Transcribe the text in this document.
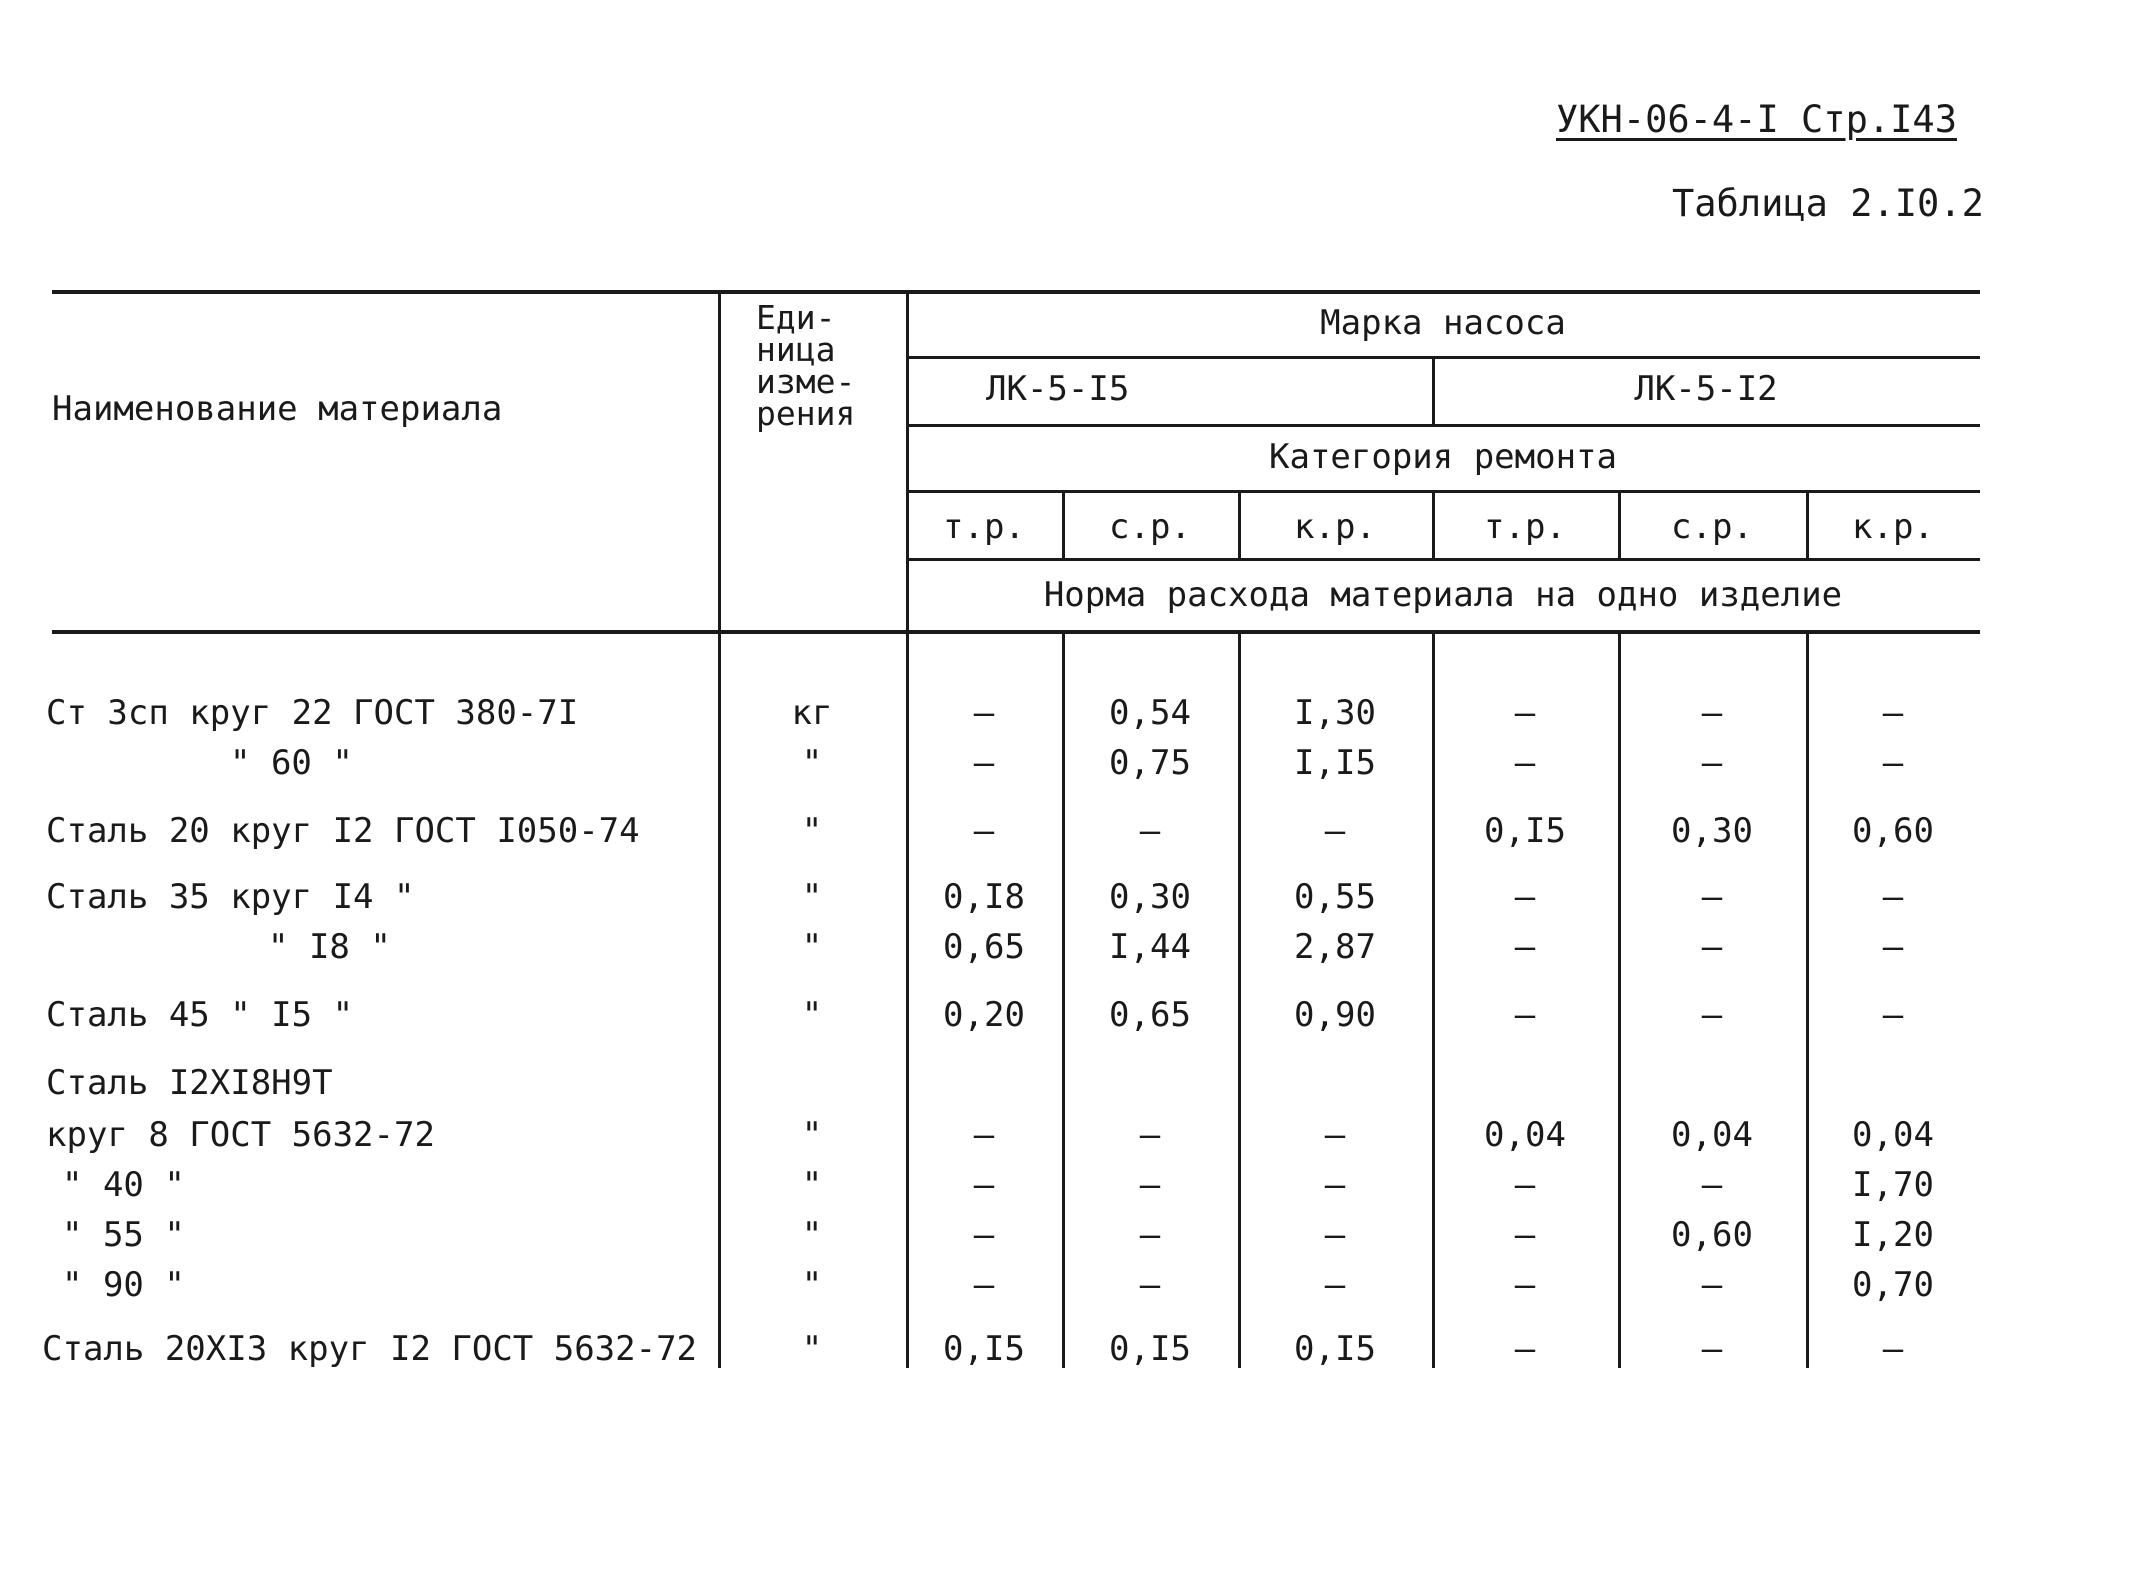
УКН-06-4-I Стр.I43
Таблица 2.I0.2
Наименование материала
Еди-
ница
изме-
рения
Марка насоса
ЛК-5-I5	ЛК-5-I2
Категория ремонта
т.р.	с.р.	к.р.	т.р.	с.р.	к.р.
Норма расхода материала на одно изделие
Ст 3сп круг 22 ГОСТ 380-7I	кг	–	0,54	I,30	–	–	–
" 60 "	"	–	0,75	I,I5	–	–	–
Сталь 20 круг I2 ГОСТ I050-74	"	–	–	–	0,I5	0,30	0,60
Сталь 35 круг I4 "	"	0,I8	0,30	0,55	–	–	–
" I8 "	"	0,65	I,44	2,87	–	–	–
Сталь 45 " I5 "	"	0,20	0,65	0,90	–	–	–
Сталь I2XI8H9T
круг 8 ГОСТ 5632-72	"	–	–	–	0,04	0,04	0,04
" 40 "	"	–	–	–	–	–	I,70
" 55 "	"	–	–	–	–	0,60	I,20
" 90 "	"	–	–	–	–	–	0,70
Сталь 20XI3 круг I2 ГОСТ 5632-72	"	0,I5	0,I5	0,I5	–	–	–
